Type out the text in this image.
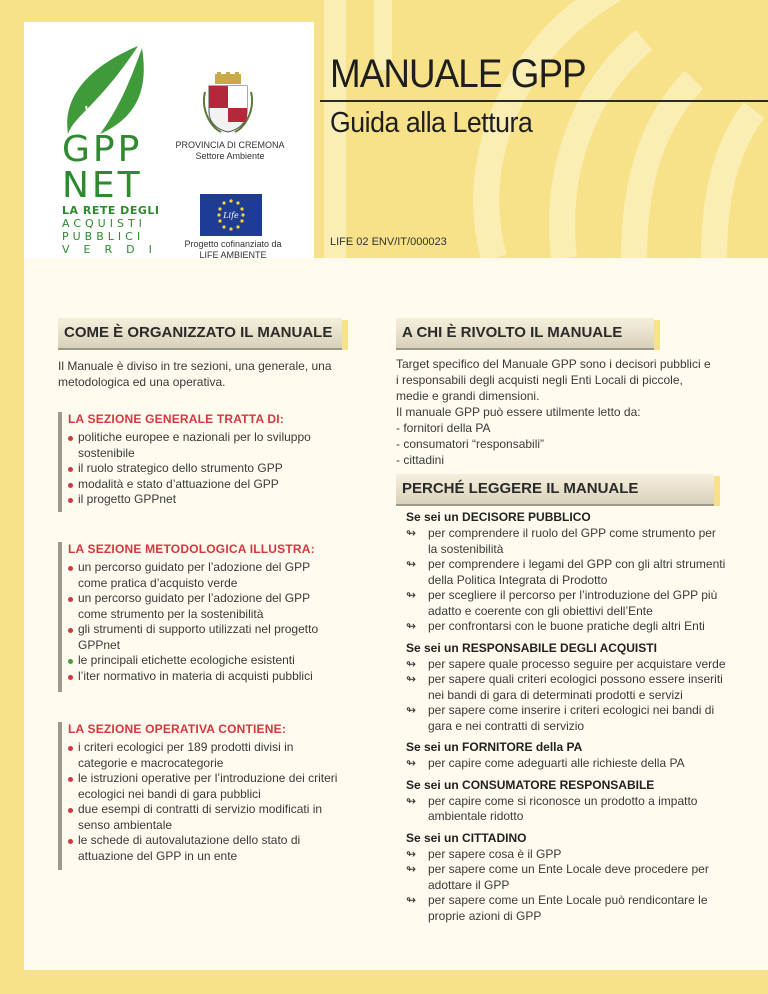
GPP
NET
LA RETE DEGLI
ACQUISTI
PUBBLICI
VERDI
PROVINCIA DI CREMONA
Settore Ambiente
Life
Progetto cofinanziato da
LIFE AMBIENTE
MANUALE GPP
Guida alla Lettura
LIFE 02 ENV/IT/000023
COME È ORGANIZZATO IL MANUALE
Il Manuale è diviso in tre sezioni, una generale, una metodologica ed una operativa.
LA SEZIONE GENERALE TRATTA DI:
politiche europee e nazionali per lo sviluppo sostenibile
il ruolo strategico dello strumento GPP
modalità e stato d’attuazione del GPP
il progetto GPPnet
LA SEZIONE METODOLOGICA ILLUSTRA:
un percorso guidato per l’adozione del GPP come pratica d’acquisto verde
un percorso guidato per l’adozione del GPP come strumento per la sostenibilità
gli strumenti di supporto utilizzati nel progetto GPPnet
le principali etichette ecologiche esistenti
l’iter normativo in materia di acquisti pubblici
LA SEZIONE OPERATIVA CONTIENE:
i criteri ecologici per 189 prodotti divisi in categorie e macrocategorie
le istruzioni operative per l’introduzione dei criteri ecologici nei bandi di gara pubblici
due esempi di contratti di servizio modificati in senso ambientale
le schede di autovalutazione dello stato di attuazione del GPP in un ente
A CHI È RIVOLTO IL MANUALE
Target specifico del Manuale GPP sono i decisori pubblici e i responsabili degli acquisti negli Enti Locali di piccole, medie e grandi dimensioni.
Il manuale GPP può essere utilmente letto da:
- fornitori della PA
- consumatori “responsabili”
- cittadini
PERCHÉ LEGGERE IL MANUALE
Se sei un DECISORE PUBBLICO
↬ per comprendere il ruolo del GPP come strumento per la sostenibilità
↬ per comprendere i legami del GPP con gli altri strumenti della Politica Integrata di Prodotto
↬ per scegliere il percorso per l’introduzione del GPP più adatto e coerente con gli obiettivi dell’Ente
↬ per confrontarsi con le buone pratiche degli altri Enti
Se sei un RESPONSABILE DEGLI ACQUISTI
↬ per sapere quale processo seguire per acquistare verde
↬ per sapere quali criteri ecologici possono essere inseriti nei bandi di gara di determinati prodotti e servizi
↬ per sapere come inserire i criteri ecologici nei bandi di gara e nei contratti di servizio
Se sei un FORNITORE della PA
↬ per capire come adeguarti alle richieste della PA
Se sei un CONSUMATORE RESPONSABILE
↬ per capire come si riconosce un prodotto a impatto ambientale ridotto
Se sei un CITTADINO
↬ per sapere cosa è il GPP
↬ per sapere come un Ente Locale deve procedere per adottare il GPP
↬ per sapere come un Ente Locale può rendicontare le proprie azioni di GPP
